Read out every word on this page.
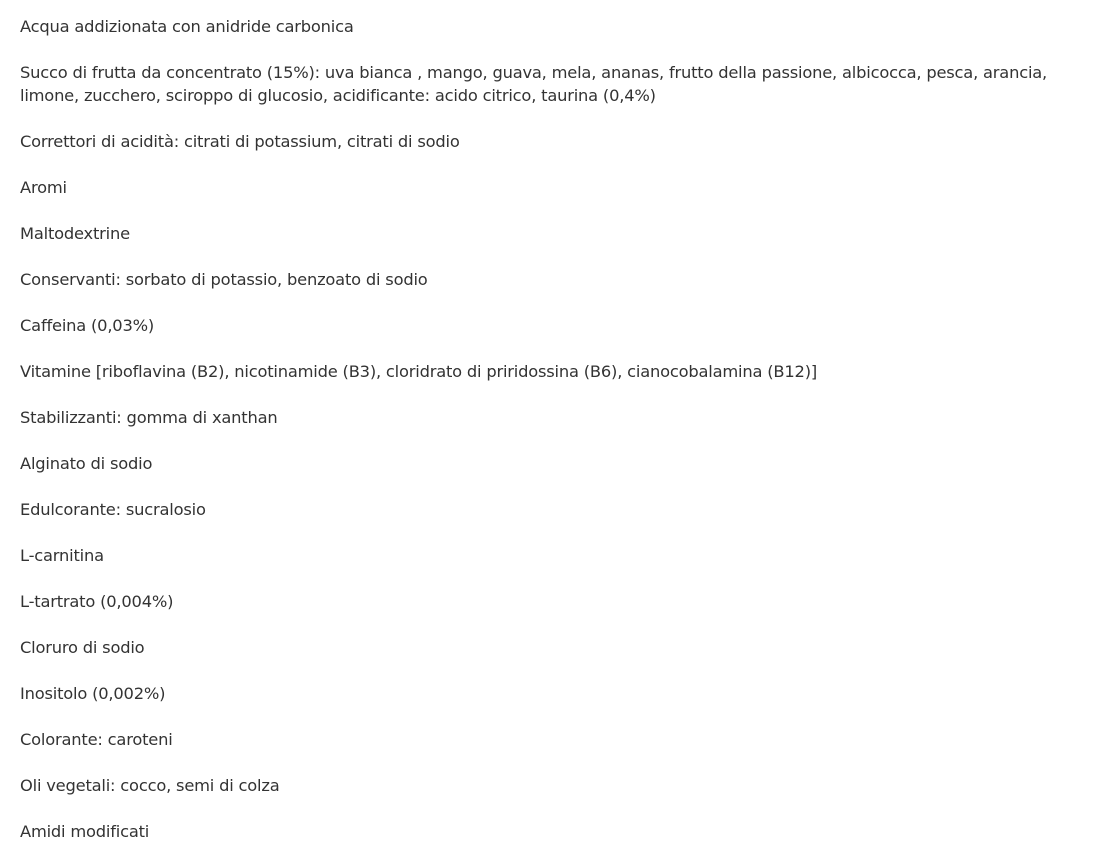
Acqua addizionata con anidride carbonica
Succo di frutta da concentrato (15%): uva bianca , mango, guava, mela, ananas, frutto della passione, albicocca, pesca, arancia, limone, zucchero, sciroppo di glucosio, acidificante: acido citrico, taurina (0,4%)
Correttori di acidità: citrati di potassium, citrati di sodio
Aromi
Maltodextrine
Conservanti: sorbato di potassio, benzoato di sodio
Caffeina (0,03%)
Vitamine [riboflavina (B2), nicotinamide (B3), cloridrato di priridossina (B6), cianocobalamina (B12)]
Stabilizzanti: gomma di xanthan
Alginato di sodio
Edulcorante: sucralosio
L-carnitina
L-tartrato (0,004%)
Cloruro di sodio
Inositolo (0,002%)
Colorante: caroteni
Oli vegetali: cocco, semi di colza
Amidi modificati
